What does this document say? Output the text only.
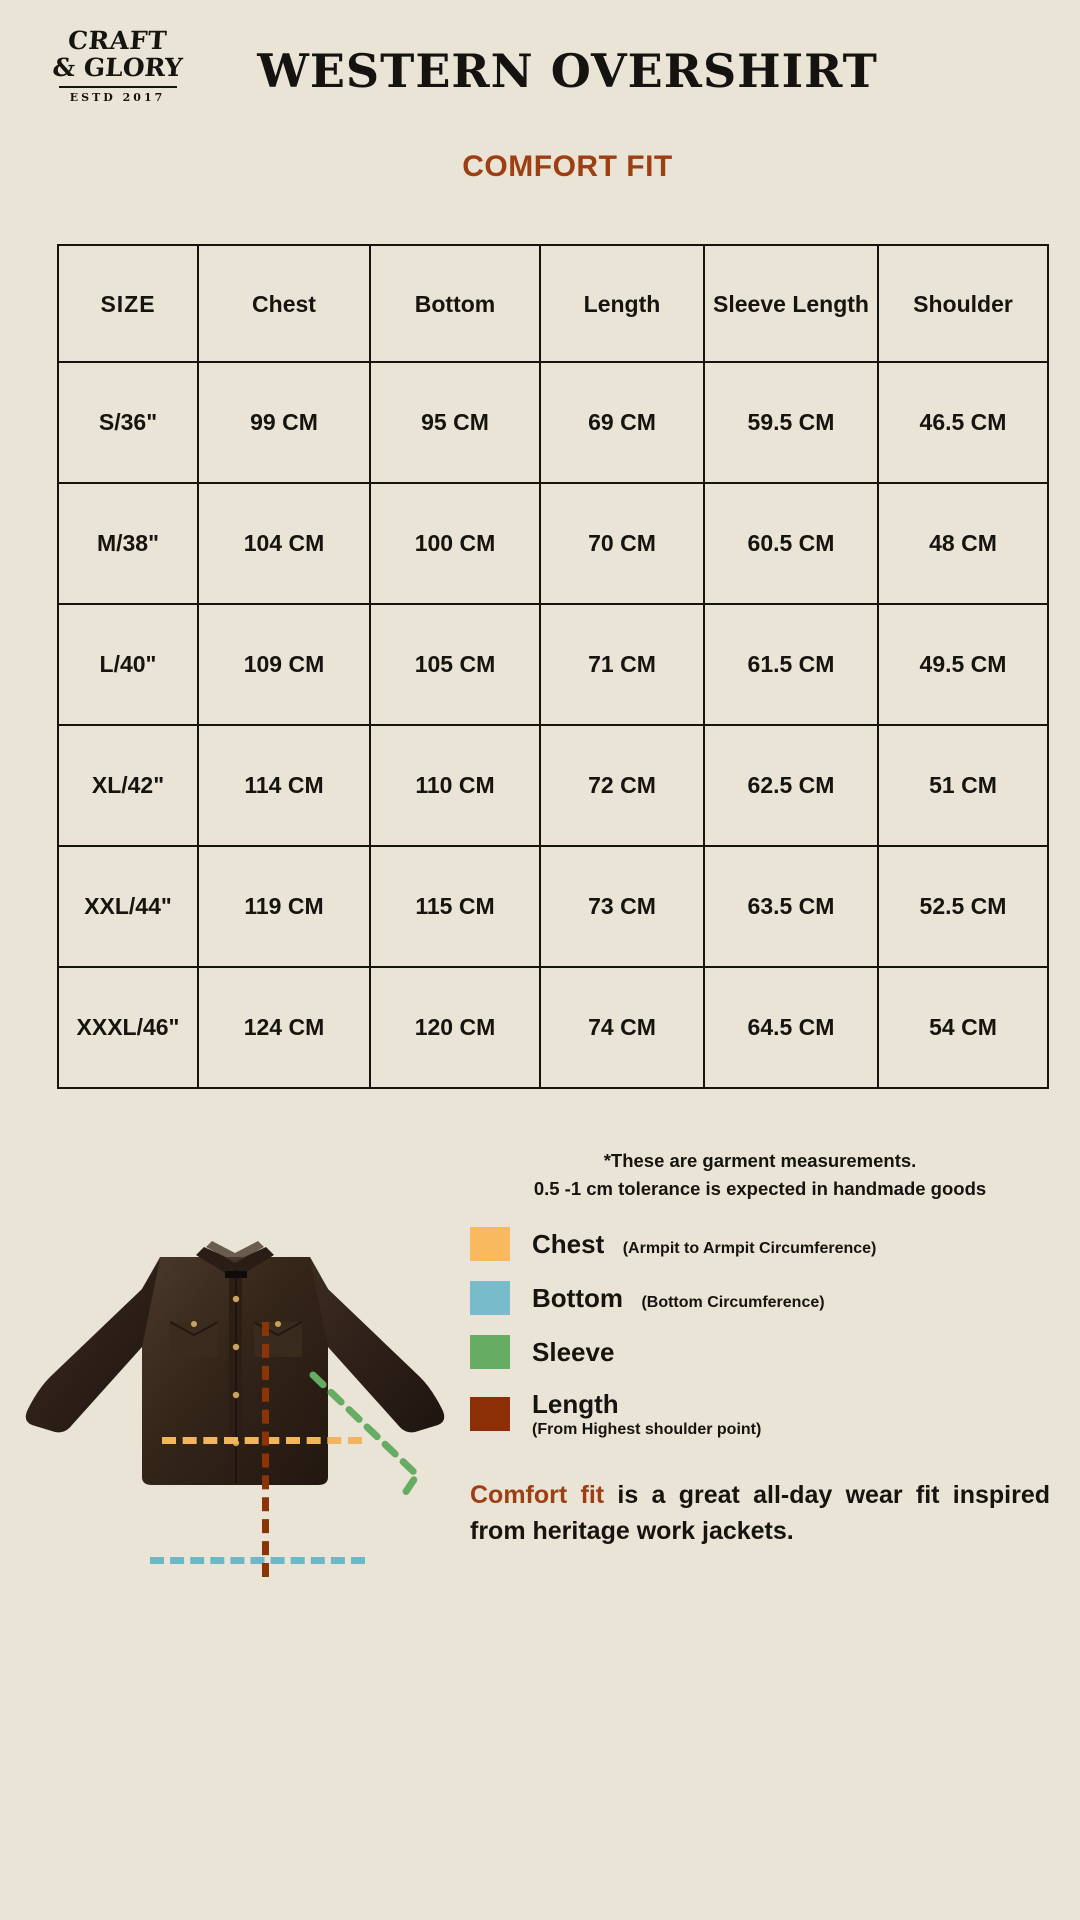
CRAFT
& GLORY
ESTD 2017	WESTERN OVERSHIRT
COMFORT FIT
SIZE	Chest	Bottom	Length	Sleeve Length	Shoulder
S/36"	99 CM	95 CM	69 CM	59.5 CM	46.5 CM
M/38"	104 CM	100 CM	70 CM	60.5 CM	48 CM
L/40"	109 CM	105 CM	71 CM	61.5 CM	49.5 CM
XL/42"	114 CM	110 CM	72 CM	62.5 CM	51 CM
XXL/44"	119 CM	115 CM	73 CM	63.5 CM	52.5 CM
XXXL/46"	124 CM	120 CM	74 CM	64.5 CM	54 CM
*These are garment measurements.
0.5 -1 cm tolerance is expected in handmade goods
Chest (Armpit to Armpit Circumference)
Bottom (Bottom Circumference)
Sleeve
Length
(From Highest shoulder point)
Comfort fit is a great all-day wear fit inspired from heritage work jackets.
